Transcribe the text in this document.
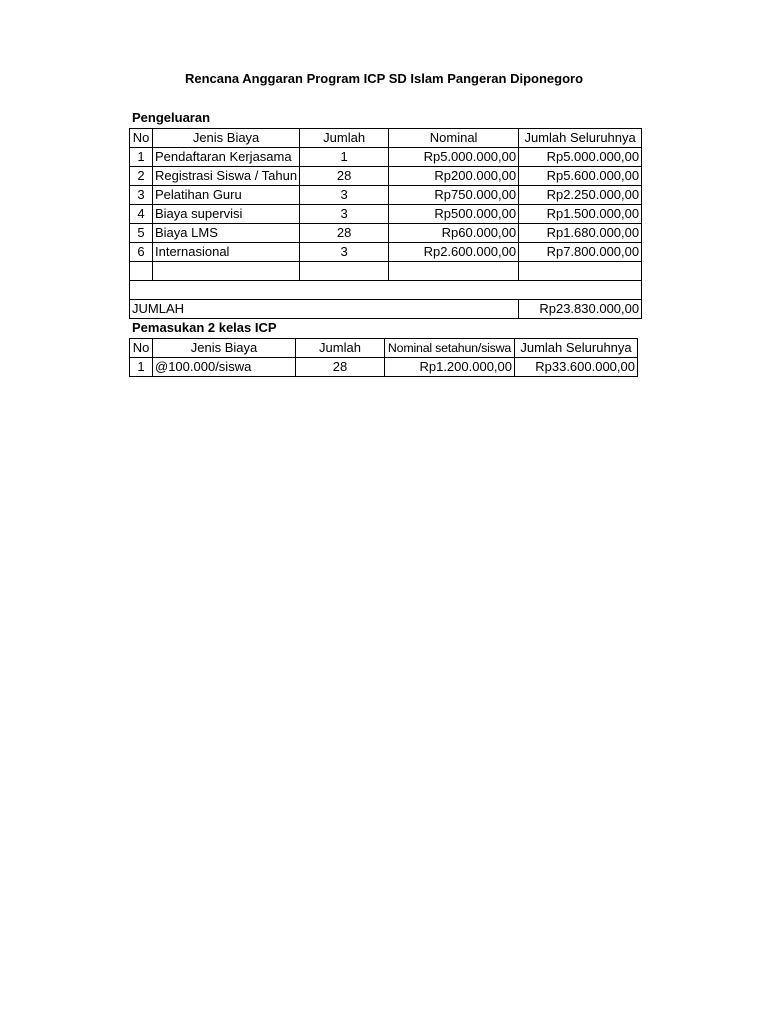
Rencana Anggaran Program ICP SD Islam Pangeran Diponegoro
Pengeluaran
No	Jenis Biaya	Jumlah	Nominal	Jumlah Seluruhnya
1	Pendaftaran Kerjasama	1	Rp5.000.000,00	Rp5.000.000,00
2	Registrasi Siswa / Tahun	28	Rp200.000,00	Rp5.600.000,00
3	Pelatihan Guru	3	Rp750.000,00	Rp2.250.000,00
4	Biaya supervisi	3	Rp500.000,00	Rp1.500.000,00
5	Biaya LMS	28	Rp60.000,00	Rp1.680.000,00
6	Internasional	3	Rp2.600.000,00	Rp7.800.000,00

JUMLAH				Rp23.830.000,00
Pemasukan 2 kelas ICP
No	Jenis Biaya	Jumlah	Nominal setahun/siswa	Jumlah Seluruhnya
1	@100.000/siswa	28	Rp1.200.000,00	Rp33.600.000,00
